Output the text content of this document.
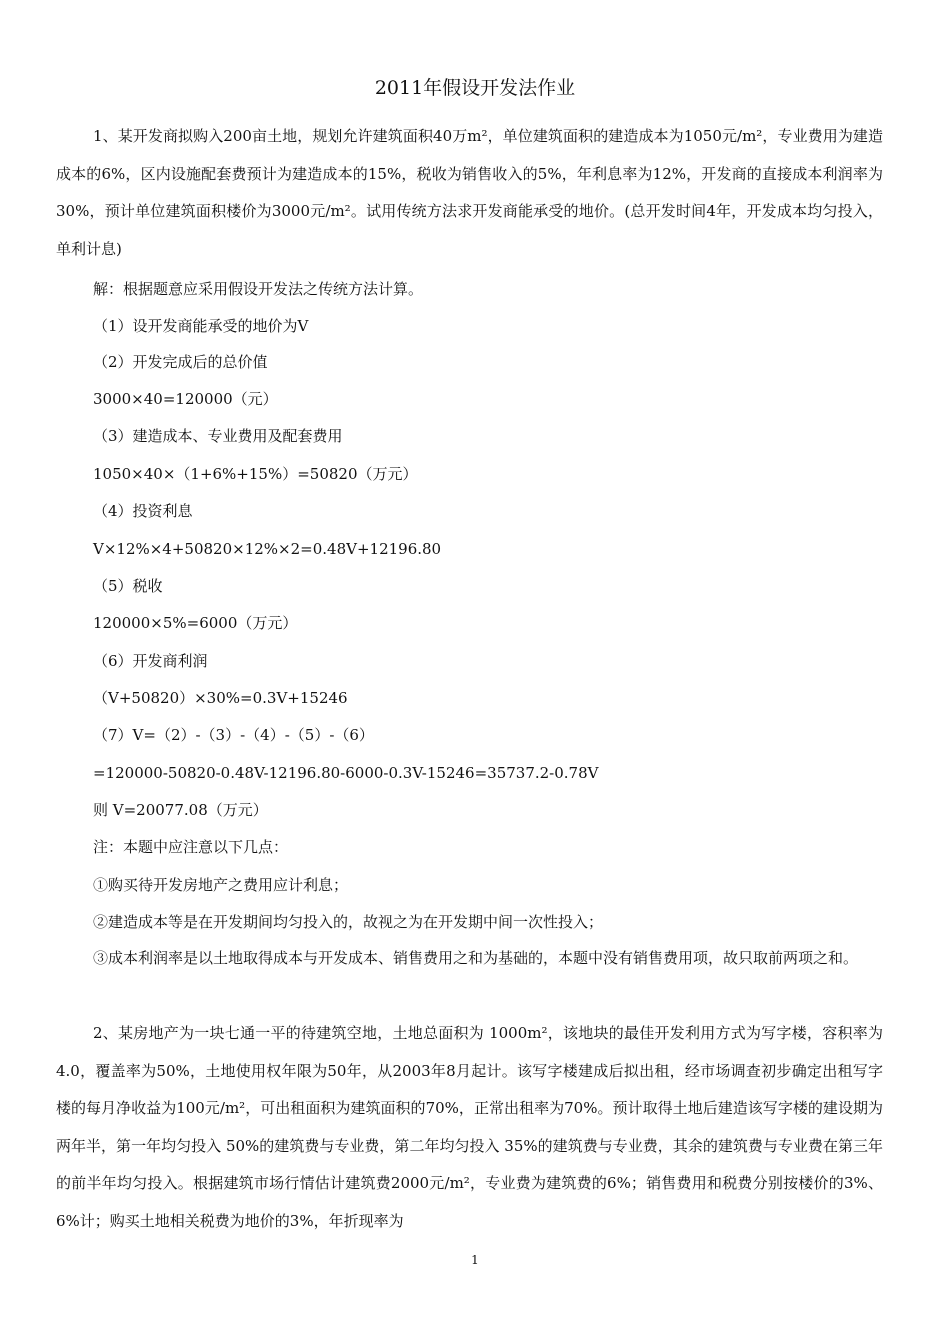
2011年假设开发法作业

1、某开发商拟购入200亩土地，规划允许建筑面积40万m²，单位建筑面积的建造成本为1050元/m²，专业费用为建造成本的6%，区内设施配套费预计为建造成本的15%，税收为销售收入的5%，年利息率为12%，开发商的直接成本利润率为30%，预计单位建筑面积楼价为3000元/m²。试用传统方法求开发商能承受的地价。(总开发时间4年，开发成本均匀投入，单利计息)

解：根据题意应采用假设开发法之传统方法计算。
（1）设开发商能承受的地价为V
（2）开发完成后的总价值
3000×40=120000（元）
（3）建造成本、专业费用及配套费用
1050×40×（1+6%+15%）=50820（万元）
（4）投资利息
V×12%×4+50820×12%×2=0.48V+12196.80
（5）税收
120000×5%=6000（万元）
（6）开发商利润
（V+50820）×30%=0.3V+15246
（7）V=（2）-（3）-（4）-（5）-（6）
=120000-50820-0.48V-12196.80-6000-0.3V-15246=35737.2-0.78V
则 V=20077.08（万元）
注：本题中应注意以下几点：
①购买待开发房地产之费用应计利息；
②建造成本等是在开发期间均匀投入的，故视之为在开发期中间一次性投入；

③成本利润率是以土地取得成本与开发成本、销售费用之和为基础的，本题中没有销售费用项，故只取前两项之和。

2、某房地产为一块七通一平的待建筑空地，土地总面积为 1000m²，该地块的最佳开发利用方式为写字楼，容积率为4.0，覆盖率为50%，土地使用权年限为50年，从2003年8月起计。该写字楼建成后拟出租，经市场调查初步确定出租写字楼的每月净收益为100元/m²，可出租面积为建筑面积的70%，正常出租率为70%。预计取得土地后建造该写字楼的建设期为两年半，第一年均匀投入 50%的建筑费与专业费，第二年均匀投入 35%的建筑费与专业费，其余的建筑费与专业费在第三年的前半年均匀投入。根据建筑市场行情估计建筑费2000元/m²，专业费为建筑费的6%；销售费用和税费分别按楼价的3%、6%计；购买土地相关税费为地价的3%，年折现率为

1
